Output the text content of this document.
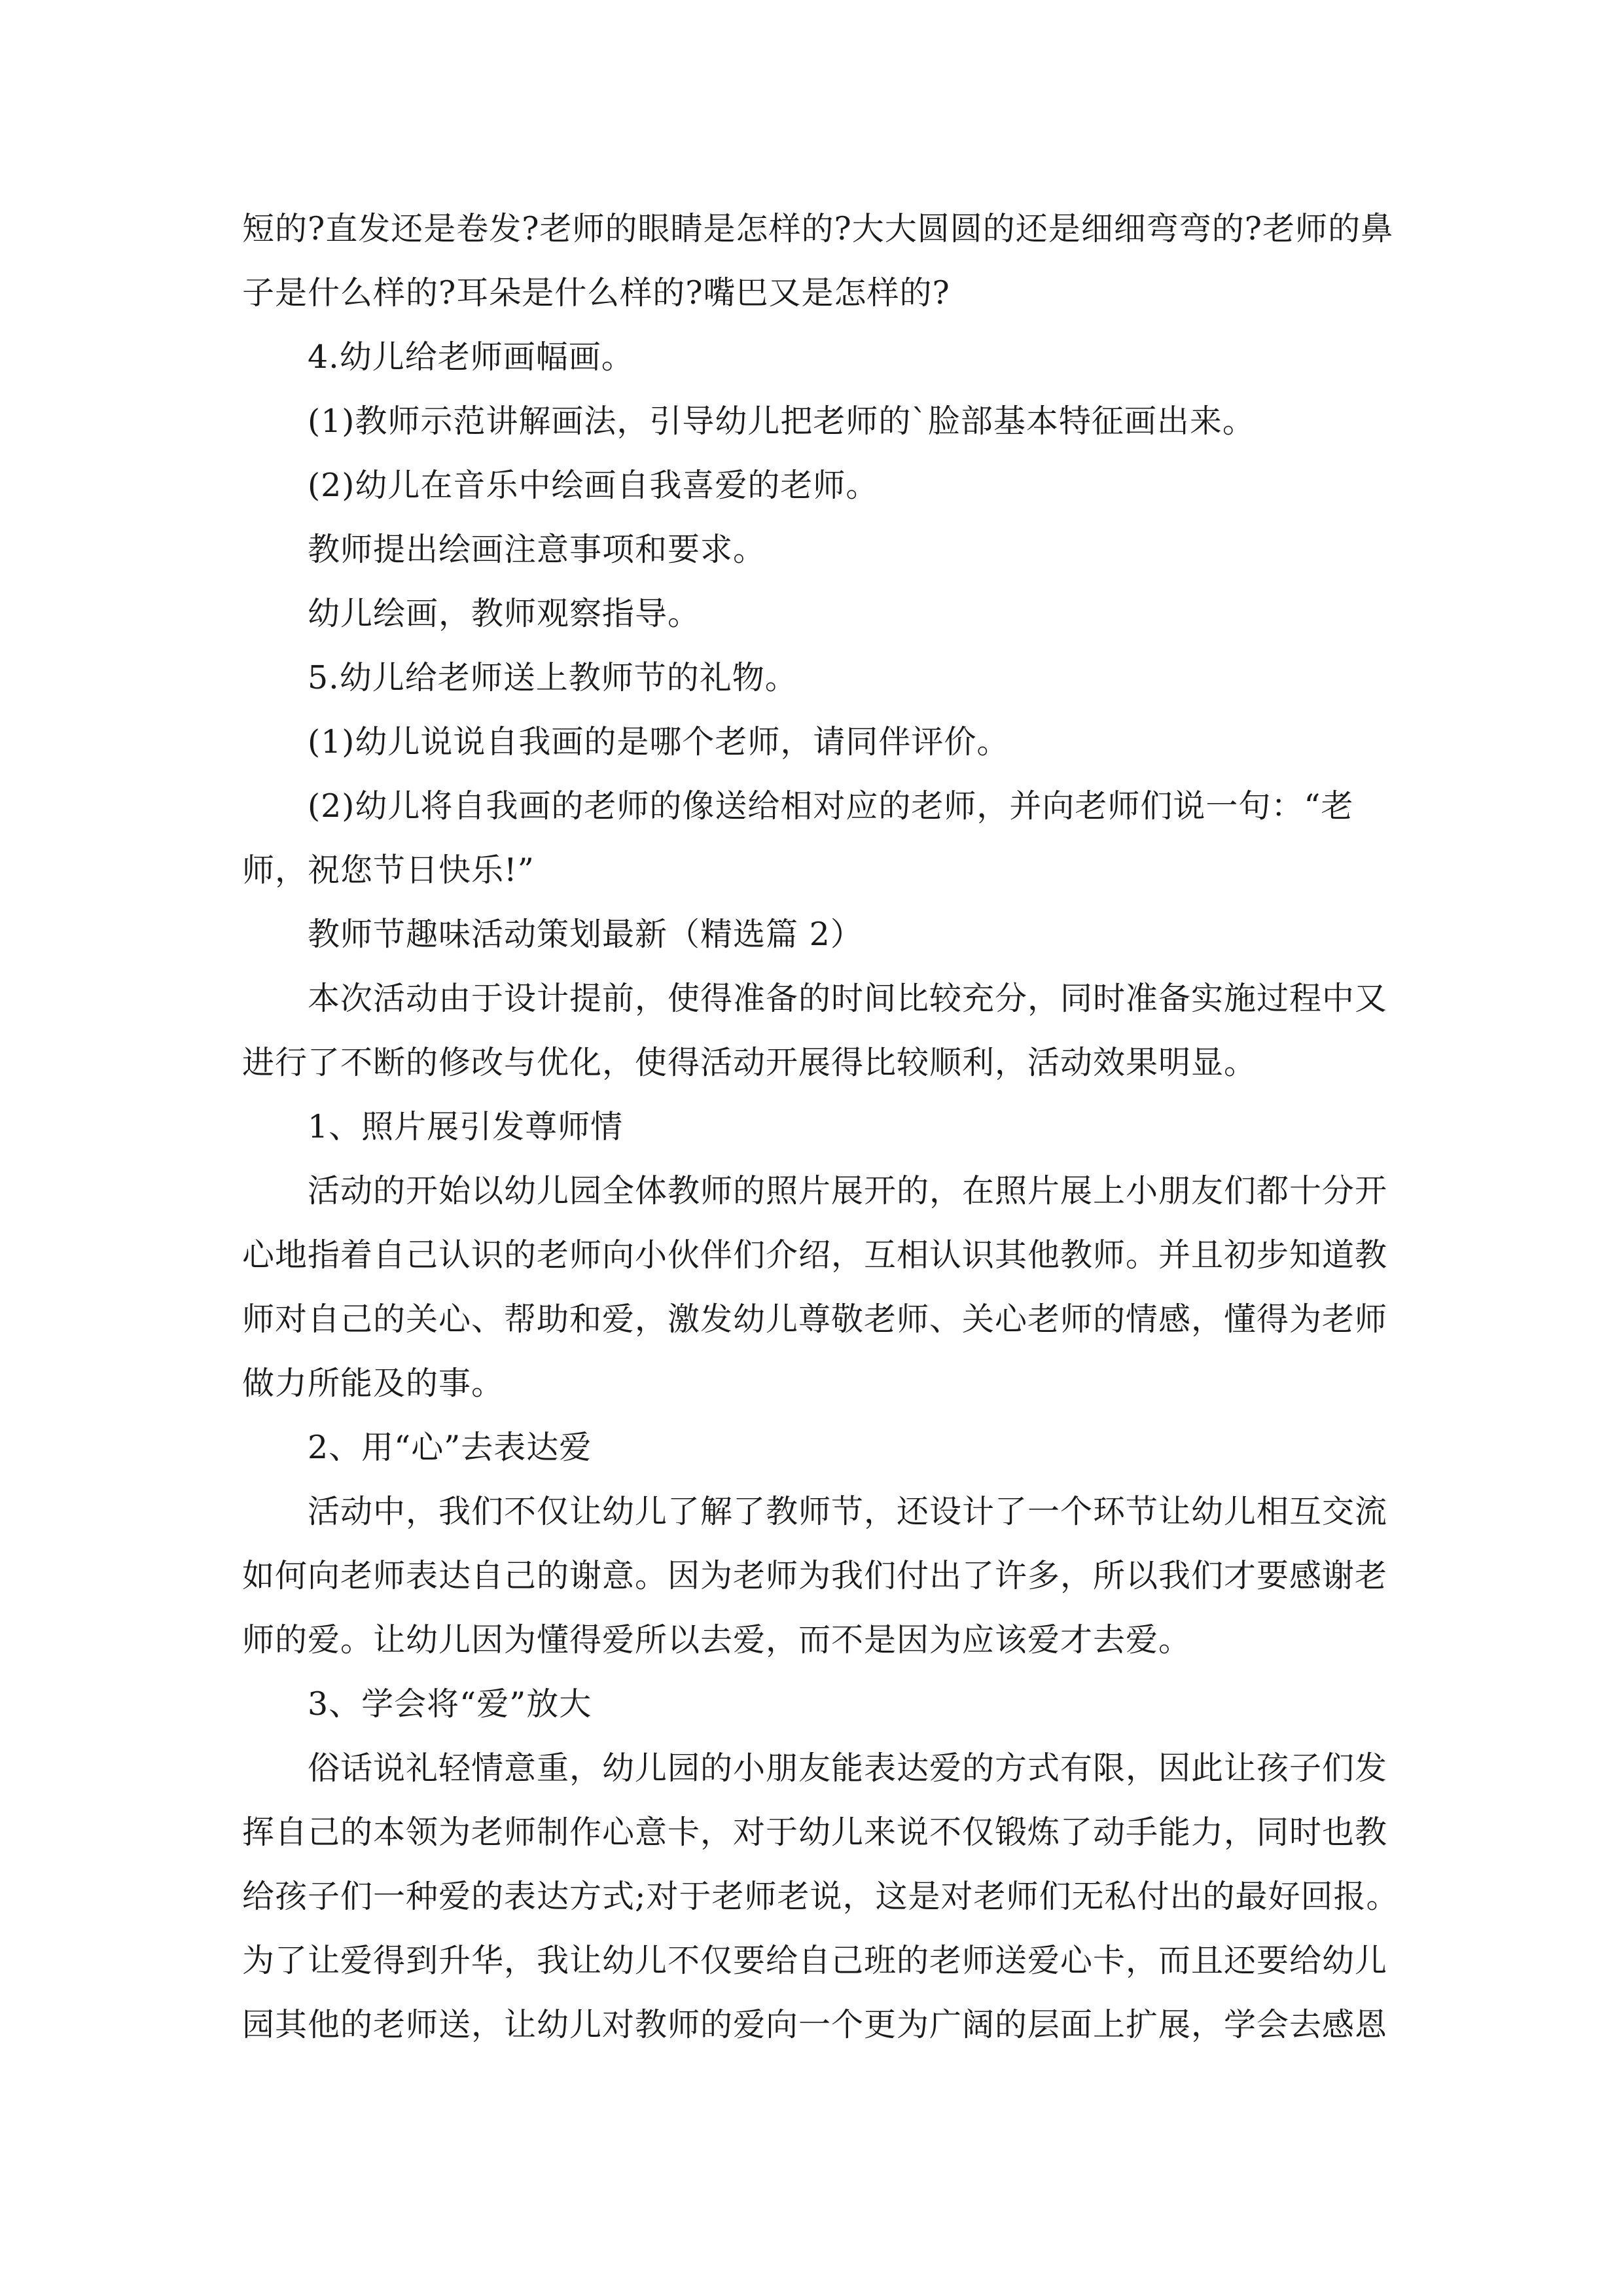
短的?直发还是卷发?老师的眼睛是怎样的?大大圆圆的还是细细弯弯的?老师的鼻
子是什么样的?耳朵是什么样的?嘴巴又是怎样的?
4.幼儿给老师画幅画。
(1)教师示范讲解画法，引导幼儿把老师的`脸部基本特征画出来。
(2)幼儿在音乐中绘画自我喜爱的老师。
教师提出绘画注意事项和要求。
幼儿绘画，教师观察指导。
5.幼儿给老师送上教师节的礼物。
(1)幼儿说说自我画的是哪个老师，请同伴评价。
(2)幼儿将自我画的老师的像送给相对应的老师，并向老师们说一句：“老
师，祝您节日快乐!”
教师节趣味活动策划最新（精选篇 2）
本次活动由于设计提前，使得准备的时间比较充分，同时准备实施过程中又
进行了不断的修改与优化，使得活动开展得比较顺利，活动效果明显。
1、照片展引发尊师情
活动的开始以幼儿园全体教师的照片展开的，在照片展上小朋友们都十分开
心地指着自己认识的老师向小伙伴们介绍，互相认识其他教师。并且初步知道教
师对自己的关心、帮助和爱，激发幼儿尊敬老师、关心老师的情感，懂得为老师
做力所能及的事。
2、用“心”去表达爱
活动中，我们不仅让幼儿了解了教师节，还设计了一个环节让幼儿相互交流
如何向老师表达自己的谢意。因为老师为我们付出了许多，所以我们才要感谢老
师的爱。让幼儿因为懂得爱所以去爱，而不是因为应该爱才去爱。
3、学会将“爱”放大
俗话说礼轻情意重，幼儿园的小朋友能表达爱的方式有限，因此让孩子们发
挥自己的本领为老师制作心意卡，对于幼儿来说不仅锻炼了动手能力，同时也教
给孩子们一种爱的表达方式;对于老师老说，这是对老师们无私付出的最好回报。
为了让爱得到升华，我让幼儿不仅要给自己班的老师送爱心卡，而且还要给幼儿
园其他的老师送，让幼儿对教师的爱向一个更为广阔的层面上扩展，学会去感恩
